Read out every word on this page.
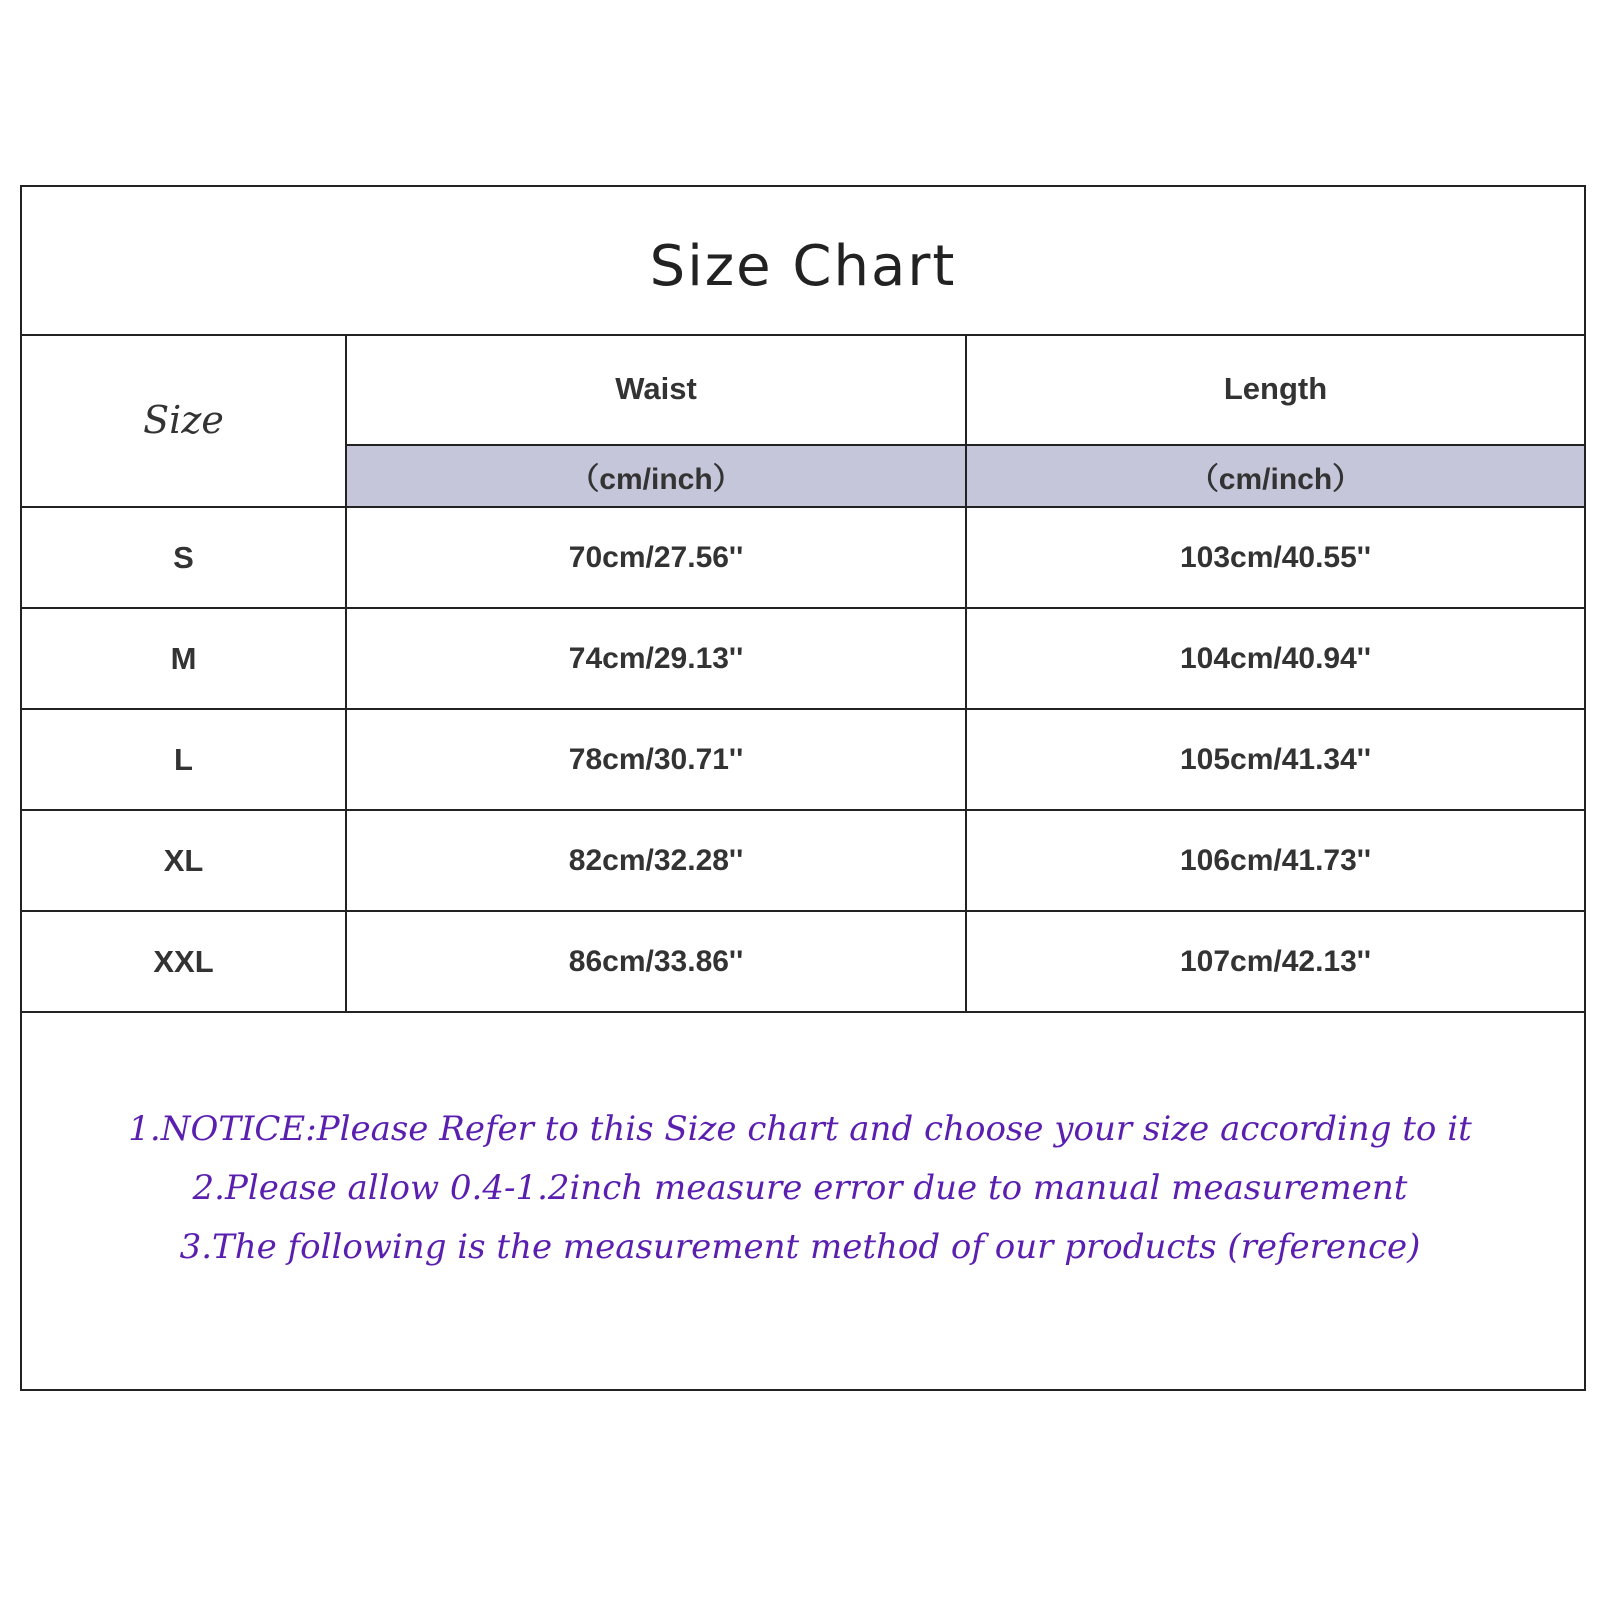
Size Chart
Size	Waist	Length
	（cm/inch）	（cm/inch）
S	70cm/27.56''	103cm/40.55''
M	74cm/29.13''	104cm/40.94''
L	78cm/30.71''	105cm/41.34''
XL	82cm/32.28''	106cm/41.73''
XXL	86cm/33.86''	107cm/42.13''
1.NOTICE:Please Refer to this Size chart and choose your size according to it
2.Please allow 0.4-1.2inch measure error due to manual measurement
3.The following is the measurement method of our products (reference)
